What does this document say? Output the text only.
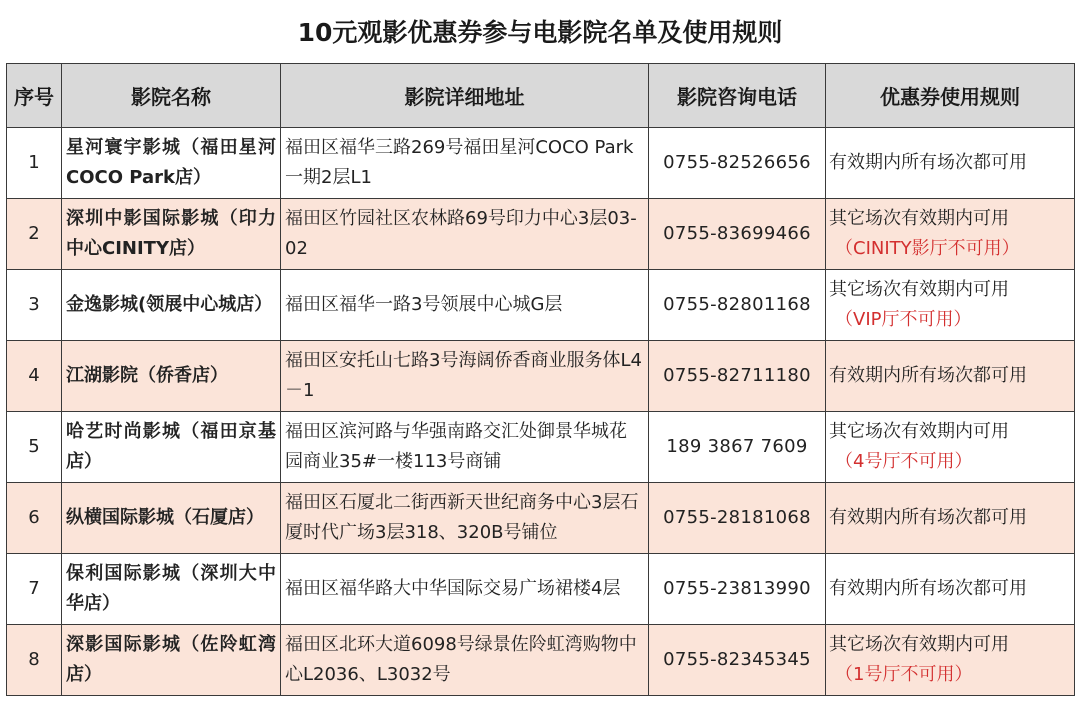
10元观影优惠券参与电影院名单及使用规则
序号	影院名称	影院详细地址	影院咨询电话	优惠券使用规则
1	星河寰宇影城（福田星河COCO Park店）	福田区福华三路269号福田星河COCO Park一期2层L1	0755-82526656	有效期内所有场次都可用
2	深圳中影国际影城（印力中心CINITY店）	福田区竹园社区农林路69号印力中心3层03-02	0755-83699466	其它场次有效期内可用
（CINITY影厅不可用）

3	金逸影城(领展中心城店）	福田区福华一路3号领展中心城G层	0755-82801168	其它场次有效期内可用
（VIP厅不可用）

4	江湖影院（侨香店）	福田区安托山七路3号海阔侨香商业服务体L4－1	0755-82711180	有效期内所有场次都可用
5	哈艺时尚影城（福田京基店）	福田区滨河路与华强南路交汇处御景华城花园商业35#一楼113号商铺	189 3867 7609	其它场次有效期内可用
（4号厅不可用）

6	纵横国际影城（石厦店）	福田区石厦北二街西新天世纪商务中心3层石厦时代广场3层318、320B号铺位	0755-28181068	有效期内所有场次都可用
7	保利国际影城（深圳大中华店）	福田区福华路大中华国际交易广场裙楼4层	0755-23813990	有效期内所有场次都可用
8	深影国际影城（佐阾虹湾店）	福田区北环大道6098号绿景佐阾虹湾购物中心L2036、L3032号	0755-82345345	其它场次有效期内可用
（1号厅不可用）
